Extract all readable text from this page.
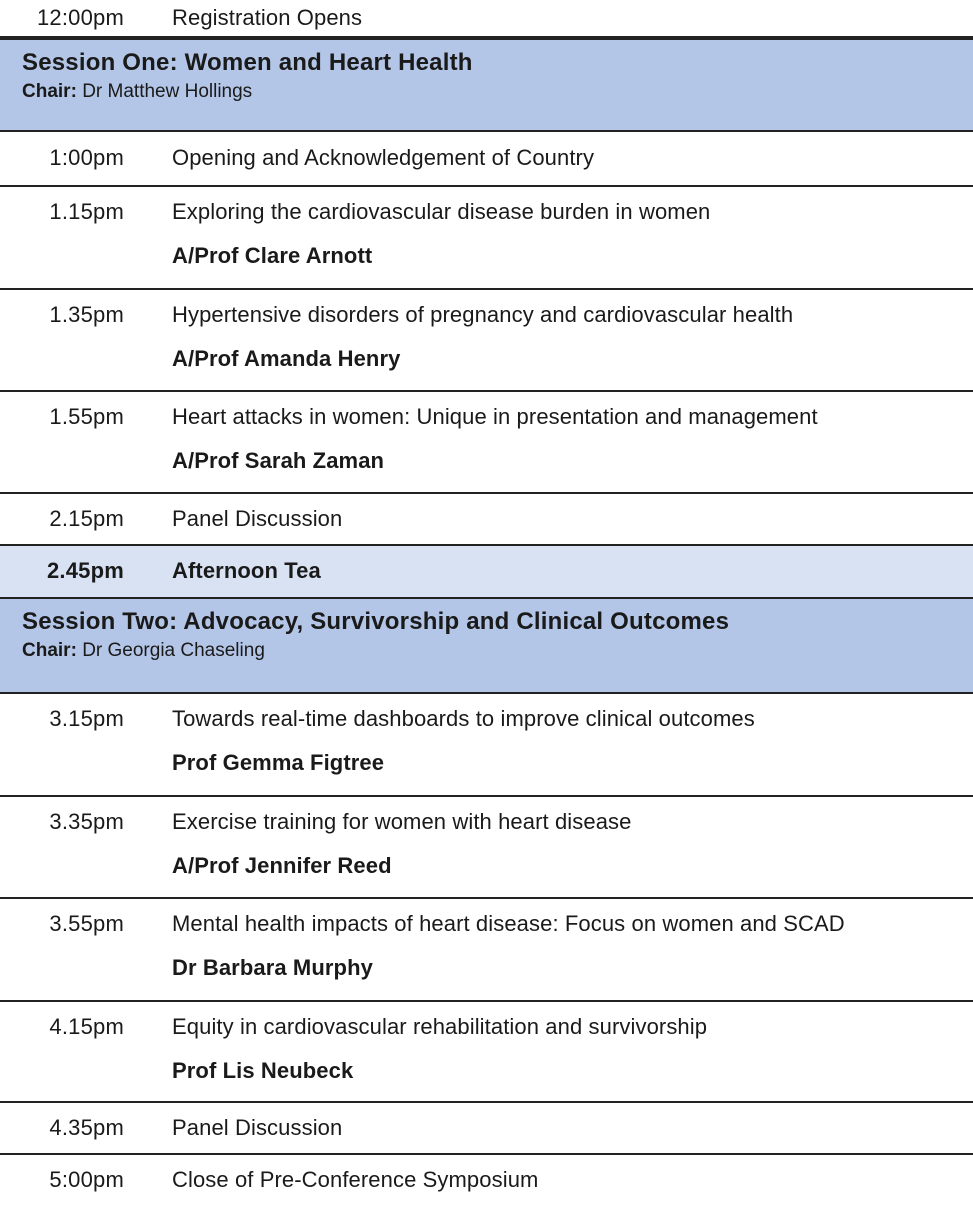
12:00pm	Registration Opens
Session One: Women and Heart Health
Chair: Dr Matthew Hollings
1:00pm	Opening and Acknowledgement of Country
1.15pm	Exploring the cardiovascular disease burden in women
A/Prof Clare Arnott
1.35pm	Hypertensive disorders of pregnancy and cardiovascular health
A/Prof Amanda Henry
1.55pm	Heart attacks in women: Unique in presentation and management
A/Prof Sarah Zaman
2.15pm	Panel Discussion
2.45pm	Afternoon Tea
Session Two: Advocacy, Survivorship and Clinical Outcomes
Chair: Dr Georgia Chaseling
3.15pm	Towards real-time dashboards to improve clinical outcomes
Prof Gemma Figtree
3.35pm	Exercise training for women with heart disease
A/Prof Jennifer Reed
3.55pm	Mental health impacts of heart disease: Focus on women and SCAD
Dr Barbara Murphy
4.15pm	Equity in cardiovascular rehabilitation and survivorship
Prof Lis Neubeck
4.35pm	Panel Discussion
5:00pm	Close of Pre-Conference Symposium
